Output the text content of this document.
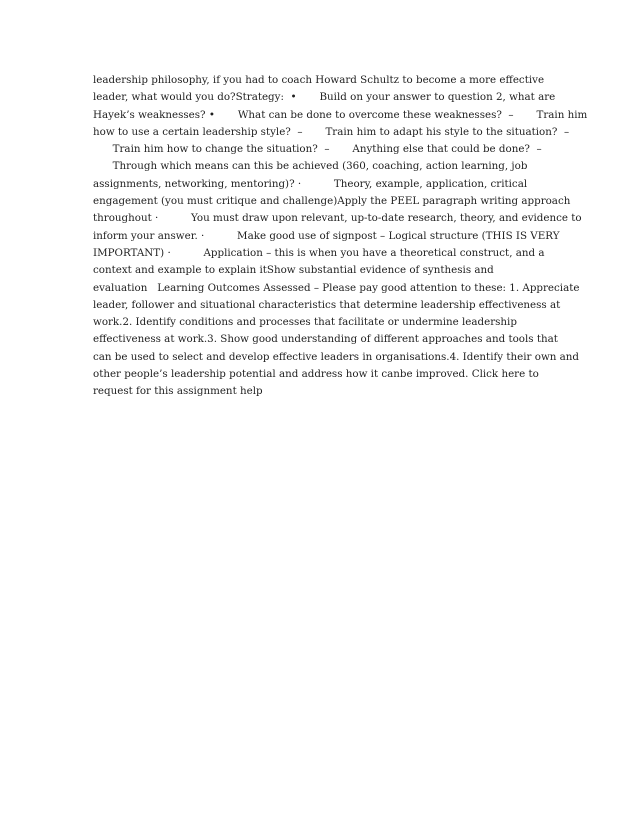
leadership philosophy, if you had to coach Howard Schultz to become a more effective
leader, what would you do?Strategy:  •       Build on your answer to question 2, what are
Hayek’s weaknesses? •       What can be done to overcome these weaknesses?  –       Train him
how to use a certain leadership style?  –       Train him to adapt his style to the situation?  –
Train him how to change the situation?  –       Anything else that could be done?  –
Through which means can this be achieved (360, coaching, action learning, job
assignments, networking, mentoring)? ·          Theory, example, application, critical
engagement (you must critique and challenge)Apply the PEEL paragraph writing approach
throughout ·          You must draw upon relevant, up-to-date research, theory, and evidence to
inform your answer. ·          Make good use of signpost – Logical structure (THIS IS VERY
IMPORTANT) ·          Application – this is when you have a theoretical construct, and a
context and example to explain itShow substantial evidence of synthesis and
evaluation   Learning Outcomes Assessed – Please pay good attention to these: 1. Appreciate
leader, follower and situational characteristics that determine leadership effectiveness at
work.2. Identify conditions and processes that facilitate or undermine leadership
effectiveness at work.3. Show good understanding of different approaches and tools that
can be used to select and develop effective leaders in organisations.4. Identify their own and
other people’s leadership potential and address how it canbe improved. Click here to
request for this assignment help
